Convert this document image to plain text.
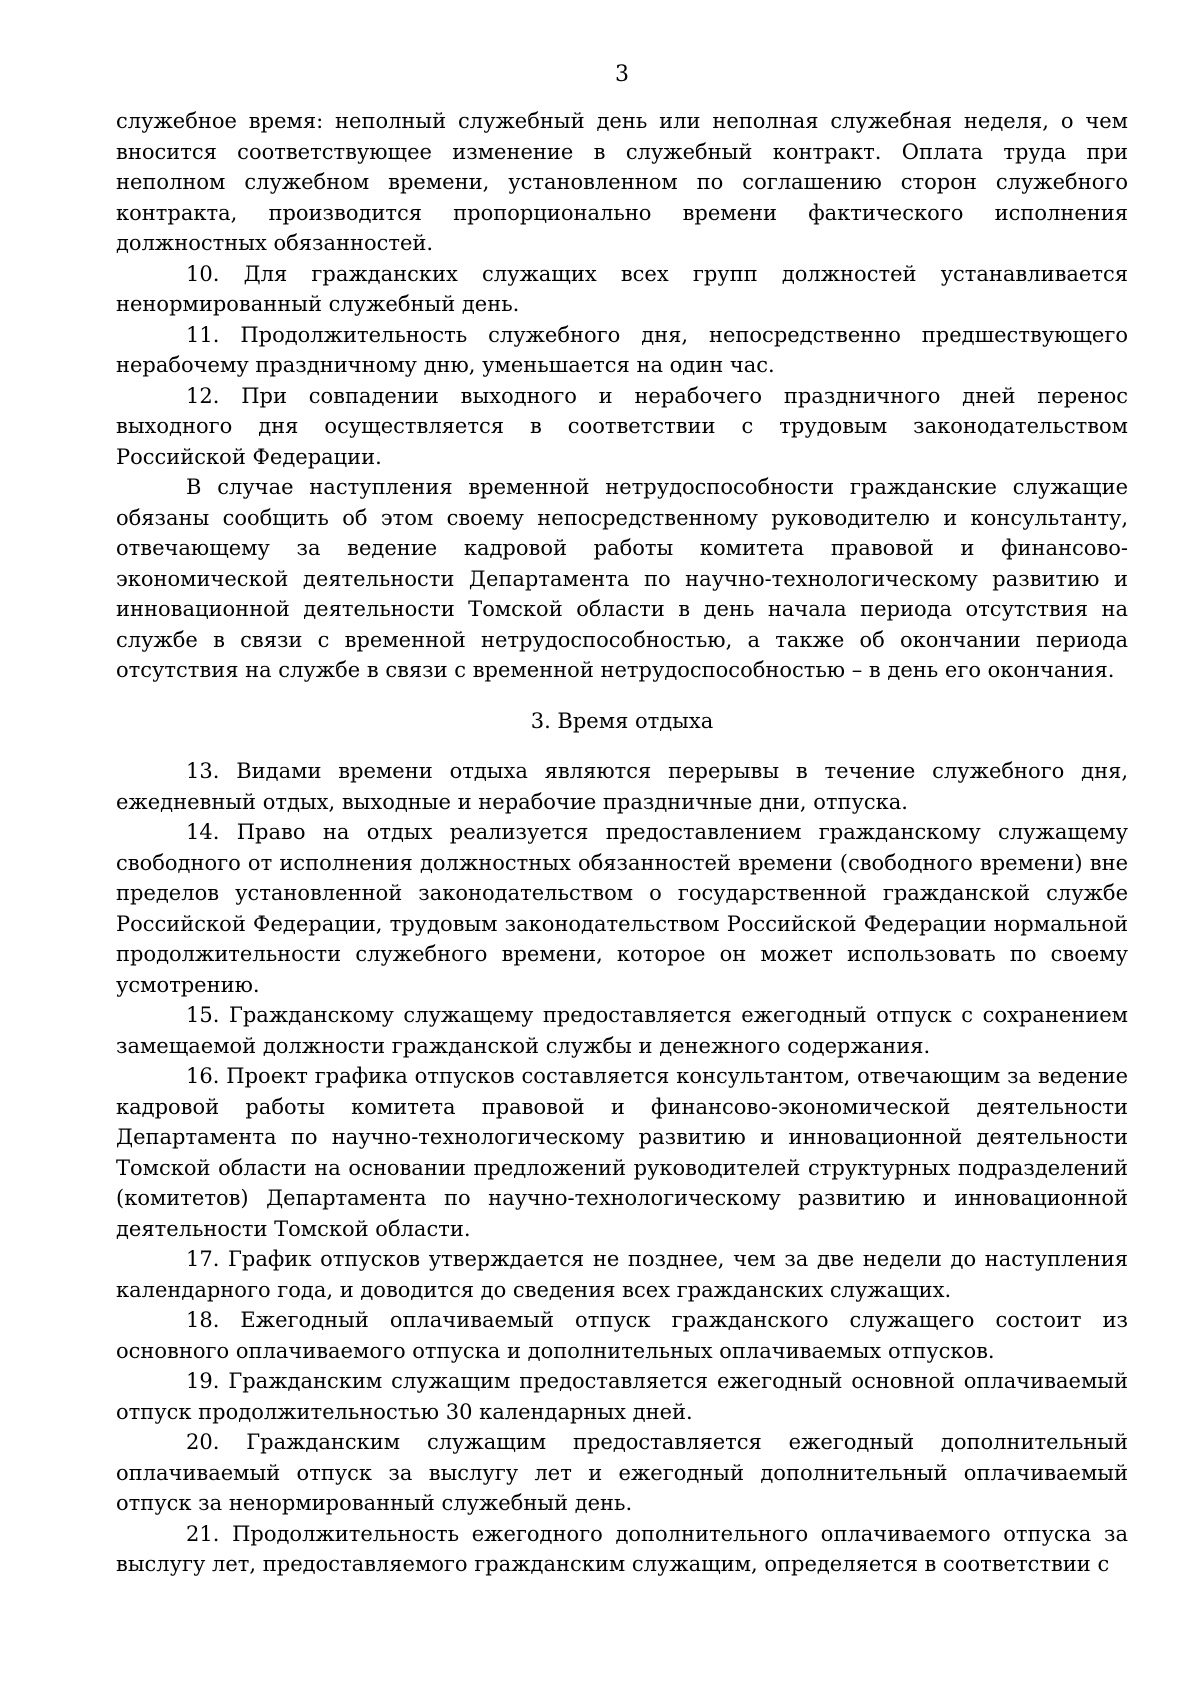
3

служебное время: неполный служебный день или неполная служебная неделя, о чем вносится соответствующее изменение в служебный контракт. Оплата труда при неполном служебном времени, установленном по соглашению сторон служебного контракта, производится пропорционально времени фактического исполнения должностных обязанностей.

10. Для гражданских служащих всех групп должностей устанавливается ненормированный служебный день.

11. Продолжительность служебного дня, непосредственно предшествующего нерабочему праздничному дню, уменьшается на один час.

12. При совпадении выходного и нерабочего праздничного дней перенос выходного дня осуществляется в соответствии с трудовым законодательством Российской Федерации.

В случае наступления временной нетрудоспособности гражданские служащие обязаны сообщить об этом своему непосредственному руководителю и консультанту, отвечающему за ведение кадровой работы комитета правовой и финансово-экономической деятельности Департамента по научно-технологическому развитию и инновационной деятельности Томской области в день начала периода отсутствия на службе в связи с временной нетрудоспособностью, а также об окончании периода отсутствия на службе в связи с временной нетрудоспособностью – в день его окончания.

3. Время отдыха

13. Видами времени отдыха являются перерывы в течение служебного дня, ежедневный отдых, выходные и нерабочие праздничные дни, отпуска.

14. Право на отдых реализуется предоставлением гражданскому служащему свободного от исполнения должностных обязанностей времени (свободного времени) вне пределов установленной законодательством о государственной гражданской службе Российской Федерации, трудовым законодательством Российской Федерации нормальной продолжительности служебного времени, которое он может использовать по своему усмотрению.

15. Гражданскому служащему предоставляется ежегодный отпуск с сохранением замещаемой должности гражданской службы и денежного содержания.

16. Проект графика отпусков составляется консультантом, отвечающим за ведение кадровой работы комитета правовой и финансово-экономической деятельности Департамента по научно-технологическому развитию и инновационной деятельности Томской области на основании предложений руководителей структурных подразделений (комитетов) Департамента по научно-технологическому развитию и инновационной деятельности Томской области.

17. График отпусков утверждается не позднее, чем за две недели до наступления календарного года, и доводится до сведения всех гражданских служащих.

18. Ежегодный оплачиваемый отпуск гражданского служащего состоит из основного оплачиваемого отпуска и дополнительных оплачиваемых отпусков.

19. Гражданским служащим предоставляется ежегодный основной оплачиваемый отпуск продолжительностью 30 календарных дней.

20. Гражданским служащим предоставляется ежегодный дополнительный оплачиваемый отпуск за выслугу лет и ежегодный дополнительный оплачиваемый отпуск за ненормированный служебный день.

21. Продолжительность ежегодного дополнительного оплачиваемого отпуска за выслугу лет, предоставляемого гражданским служащим, определяется в соответствии с
